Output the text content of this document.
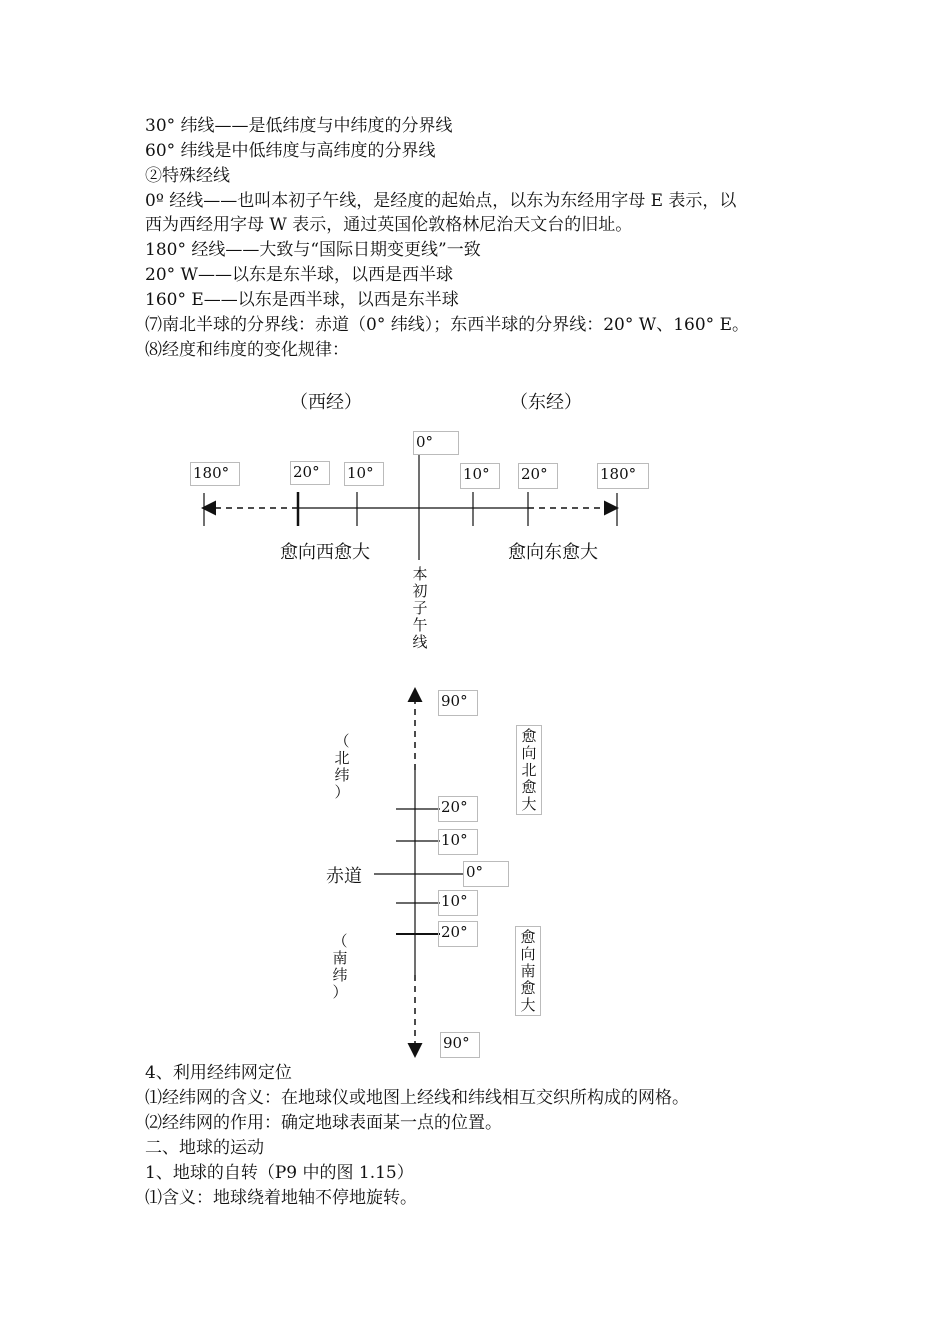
30° 纬线——是低纬度与中纬度的分界线
60° 纬线是中低纬度与高纬度的分界线
②特殊经线
0º 经线——也叫本初子午线，是经度的起始点，以东为东经用字母 E 表示，以
西为西经用字母 W 表示，通过英国伦敦格林尼治天文台的旧址。
180° 经线——大致与“国际日期变更线”一致
20° W——以东是东半球，以西是西半球
160° E——以东是西半球，以西是东半球
⑺南北半球的分界线：赤道（0° 纬线）；东西半球的分界线：20° W、160° E。
⑻经度和纬度的变化规律：
（西经）	（东经）
0°
180°	20°	10°	10°	20°	180°
愈向西愈大	愈向东愈大
本
初
子
午
线
90°
20°
10°
0°
10°
20°
90°
赤道
（
北
纬
）
（
南
纬
）
愈
向
北
愈
大
愈
向
南
愈
大
4、利用经纬网定位
⑴经纬网的含义：在地球仪或地图上经线和纬线相互交织所构成的网格。
⑵经纬网的作用：确定地球表面某一点的位置。
二、地球的运动
1、地球的自转（P9 中的图 1.15）
⑴含义：地球绕着地轴不停地旋转。
